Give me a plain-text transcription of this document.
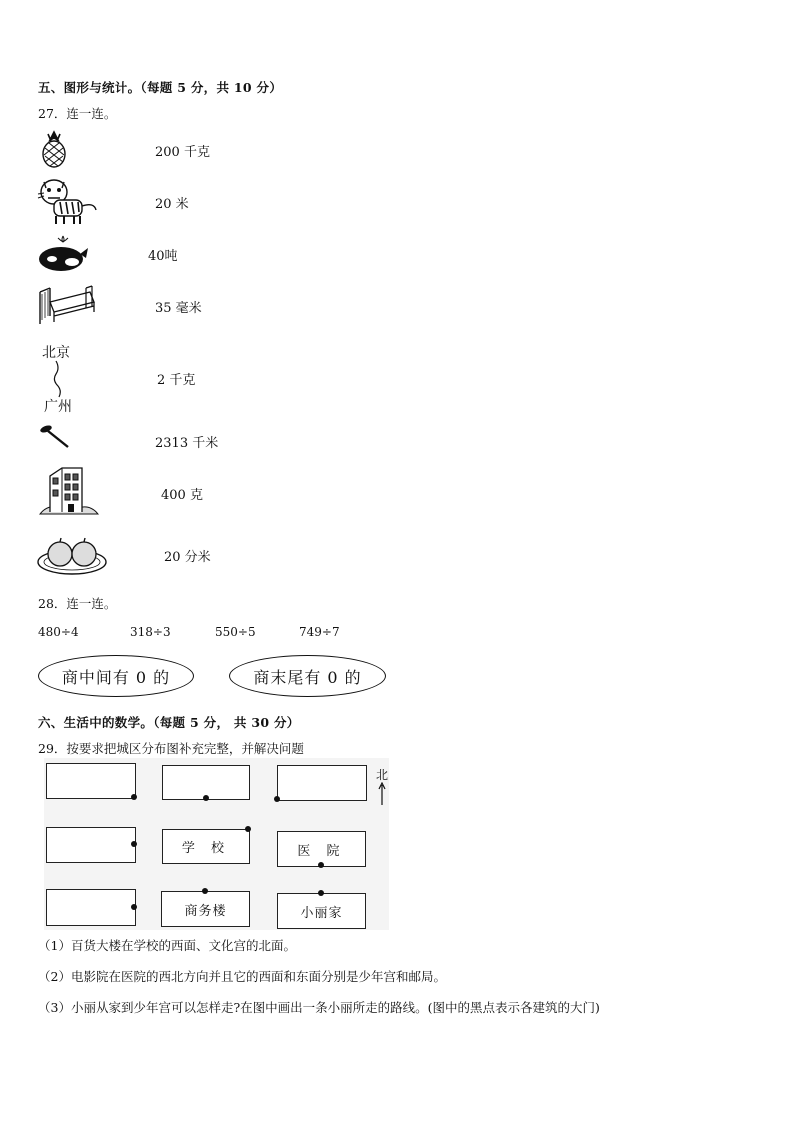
五、图形与统计。（每题 5 分，共 10 分）
27．连一连。
北京
广州
200 千克
20 米
40吨
35 毫米
2 千克
2313 千米
400 克
20 分米
28．连一连。
480÷4	318÷3	550÷5	749÷7
商中间有 0 的	商末尾有 0 的
六、生活中的数学。（每题 5 分， 共 30 分）
29．按要求把城区分布图补充完整，并解决问题
学 校	医 院
商务楼	小丽家
北
（1）百货大楼在学校的西面、文化宫的北面。
（2）电影院在医院的西北方向并且它的西面和东面分别是少年宫和邮局。
（3）小丽从家到少年宫可以怎样走?在图中画出一条小丽所走的路线。(图中的黑点表示各建筑的大门)
